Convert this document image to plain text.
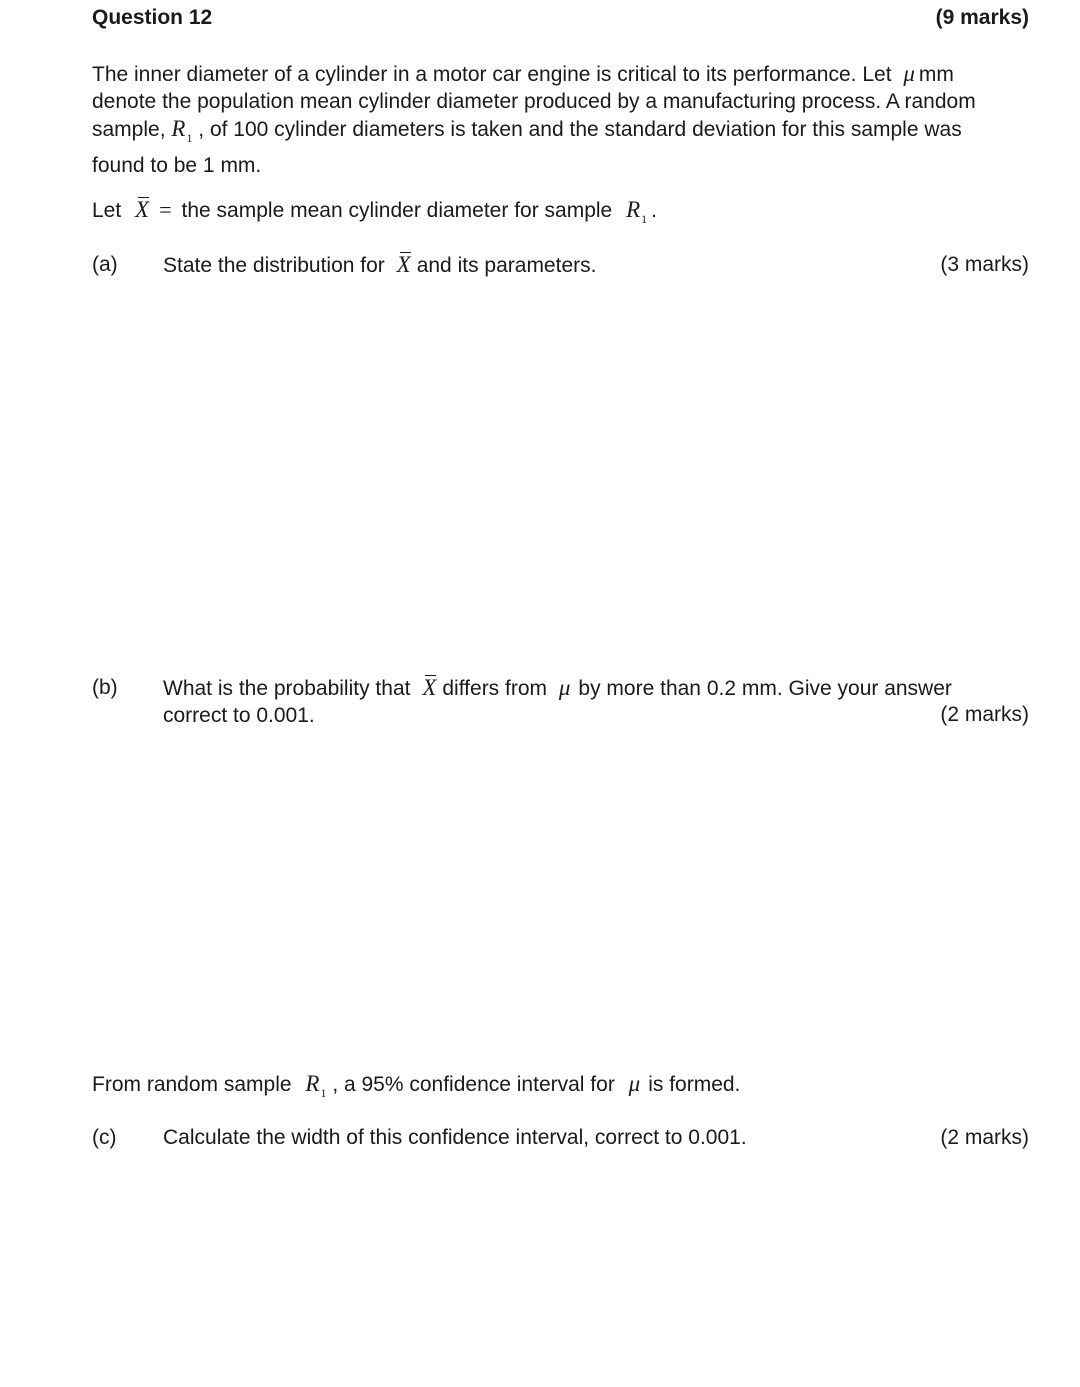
Question 12	(9 marks)
The inner diameter of a cylinder in a motor car engine is critical to its performance. Let μ mm
denote the population mean cylinder diameter produced by a manufacturing process. A random
sample, $R_1$ , of 100 cylinder diameters is taken and the standard deviation for this sample was
found to be 1 mm.
Let X = the sample mean cylinder diameter for sample $R_1$ .
(a) State the distribution for X and its parameters.	(3 marks)
(b) What is the probability that X differs from μ by more than 0.2 mm. Give your answer
correct to 0.001.	(2 marks)
From random sample $R_1$ , a 95% confidence interval for μ is formed.
(c) Calculate the width of this confidence interval, correct to 0.001.	(2 marks)
